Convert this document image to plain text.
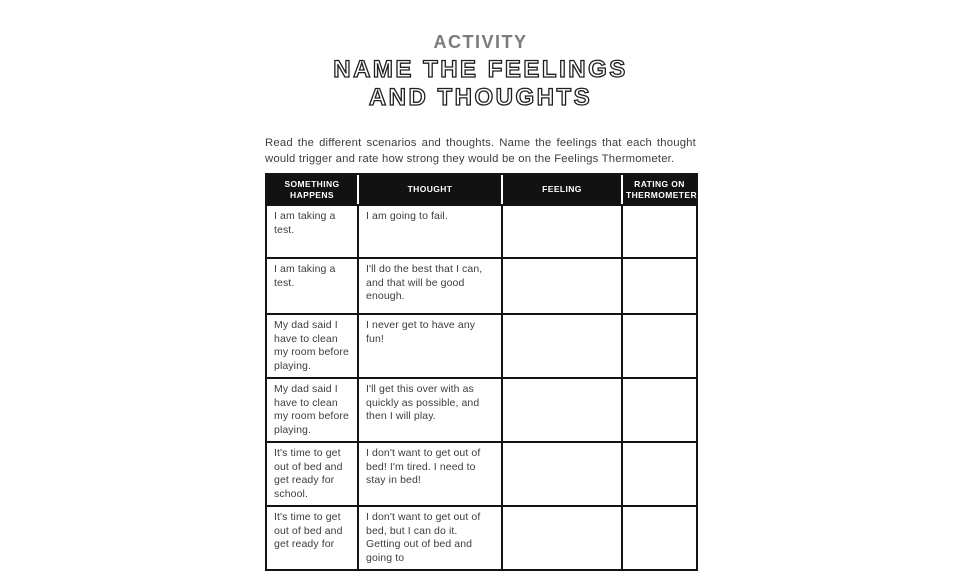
ACTIVITY
NAME THE FEELINGS
AND THOUGHTS
Read the different scenarios and thoughts. Name the feelings that each thought would trigger and rate how strong they would be on the Feelings Thermometer.
SOMETHING HAPPENS	THOUGHT	FEELING	RATING ON THERMOMETER
I am taking a test.	I am going to fail.		
I am taking a test.	I'll do the best that I can, and that will be good enough.		
My dad said I have to clean my room before playing.	I never get to have any fun!		
My dad said I have to clean my room before playing.	I'll get this over with as quickly as possible, and then I will play.		
It's time to get out of bed and get ready for school.	I don't want to get out of bed! I'm tired. I need to stay in bed!		
It's time to get out of bed and get ready for	I don't want to get out of bed, but I can do it. Getting out of bed and going to		
